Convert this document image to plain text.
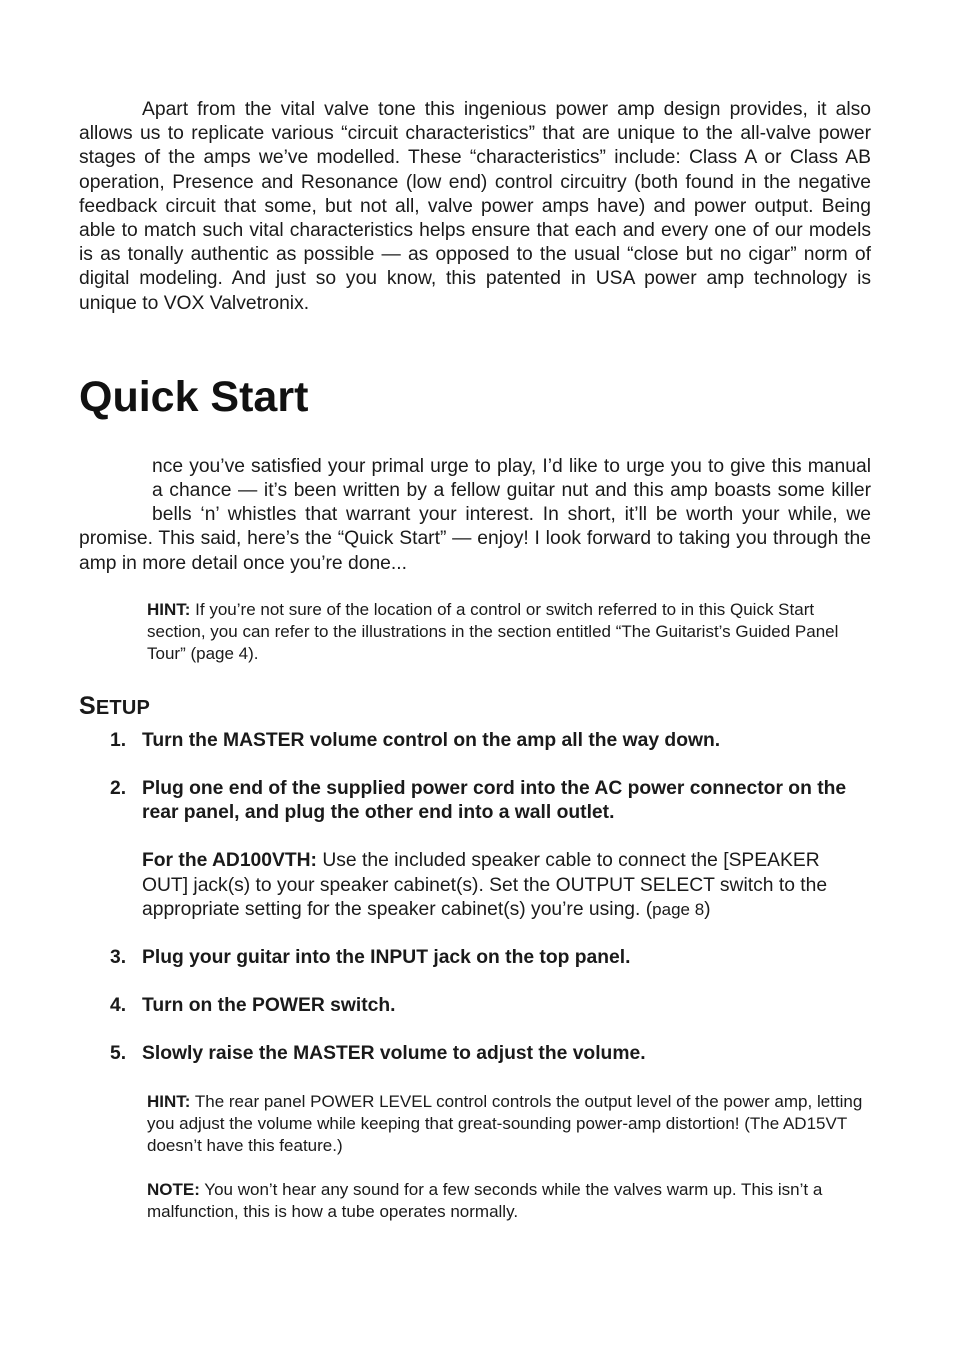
Apart from the vital valve tone this ingenious power amp design provides, it also allows us to replicate various “circuit characteristics” that are unique to the all-valve power stages of the amps we’ve modelled. These “characteristics” include: Class A or Class AB operation, Presence and Resonance (low end) control circuitry (both found in the negative feedback circuit that some, but not all, valve power amps have) and power output. Being able to match such vital characteristics helps ensure that each and every one of our models is as tonally authentic as possible — as opposed to the usual “close but no cigar” norm of digital modeling. And just so you know, this patented in USA power amp technology is unique to VOX Valvetronix.

Quick Start

nce you’ve satisfied your primal urge to play, I’d like to urge you to give this manual a chance — it’s been written by a fellow guitar nut and this amp boasts some killer bells ‘n’ whistles that warrant your interest. In short, it’ll be worth your while, we promise. This said, here’s the “Quick Start” — enjoy! I look forward to taking you through the amp in more detail once you’re done...

HINT: If you’re not sure of the location of a control or switch referred to in this Quick Start section, you can refer to the illustrations in the section entitled “The Guitarist’s Guided Panel Tour” (page 4).
SETUP
1. Turn the MASTER volume control on the amp all the way down.
2. Plug one end of the supplied power cord into the AC power connector on the rear panel, and plug the other end into a wall outlet.

For the AD100VTH: Use the included speaker cable to connect the [SPEAKER OUT] jack(s) to your speaker cabinet(s). Set the OUTPUT SELECT switch to the appropriate setting for the speaker cabinet(s) you’re using. (page 8)

3. Plug your guitar into the INPUT jack on the top panel.
4. Turn on the POWER switch.
5. Slowly raise the MASTER volume to adjust the volume.
HINT: The rear panel POWER LEVEL control controls the output level of the power amp, letting you adjust the volume while keeping that great-sounding power-amp distortion! (The AD15VT doesn’t have this feature.)
NOTE: You won’t hear any sound for a few seconds while the valves warm up. This isn’t a malfunction, this is how a tube operates normally.
